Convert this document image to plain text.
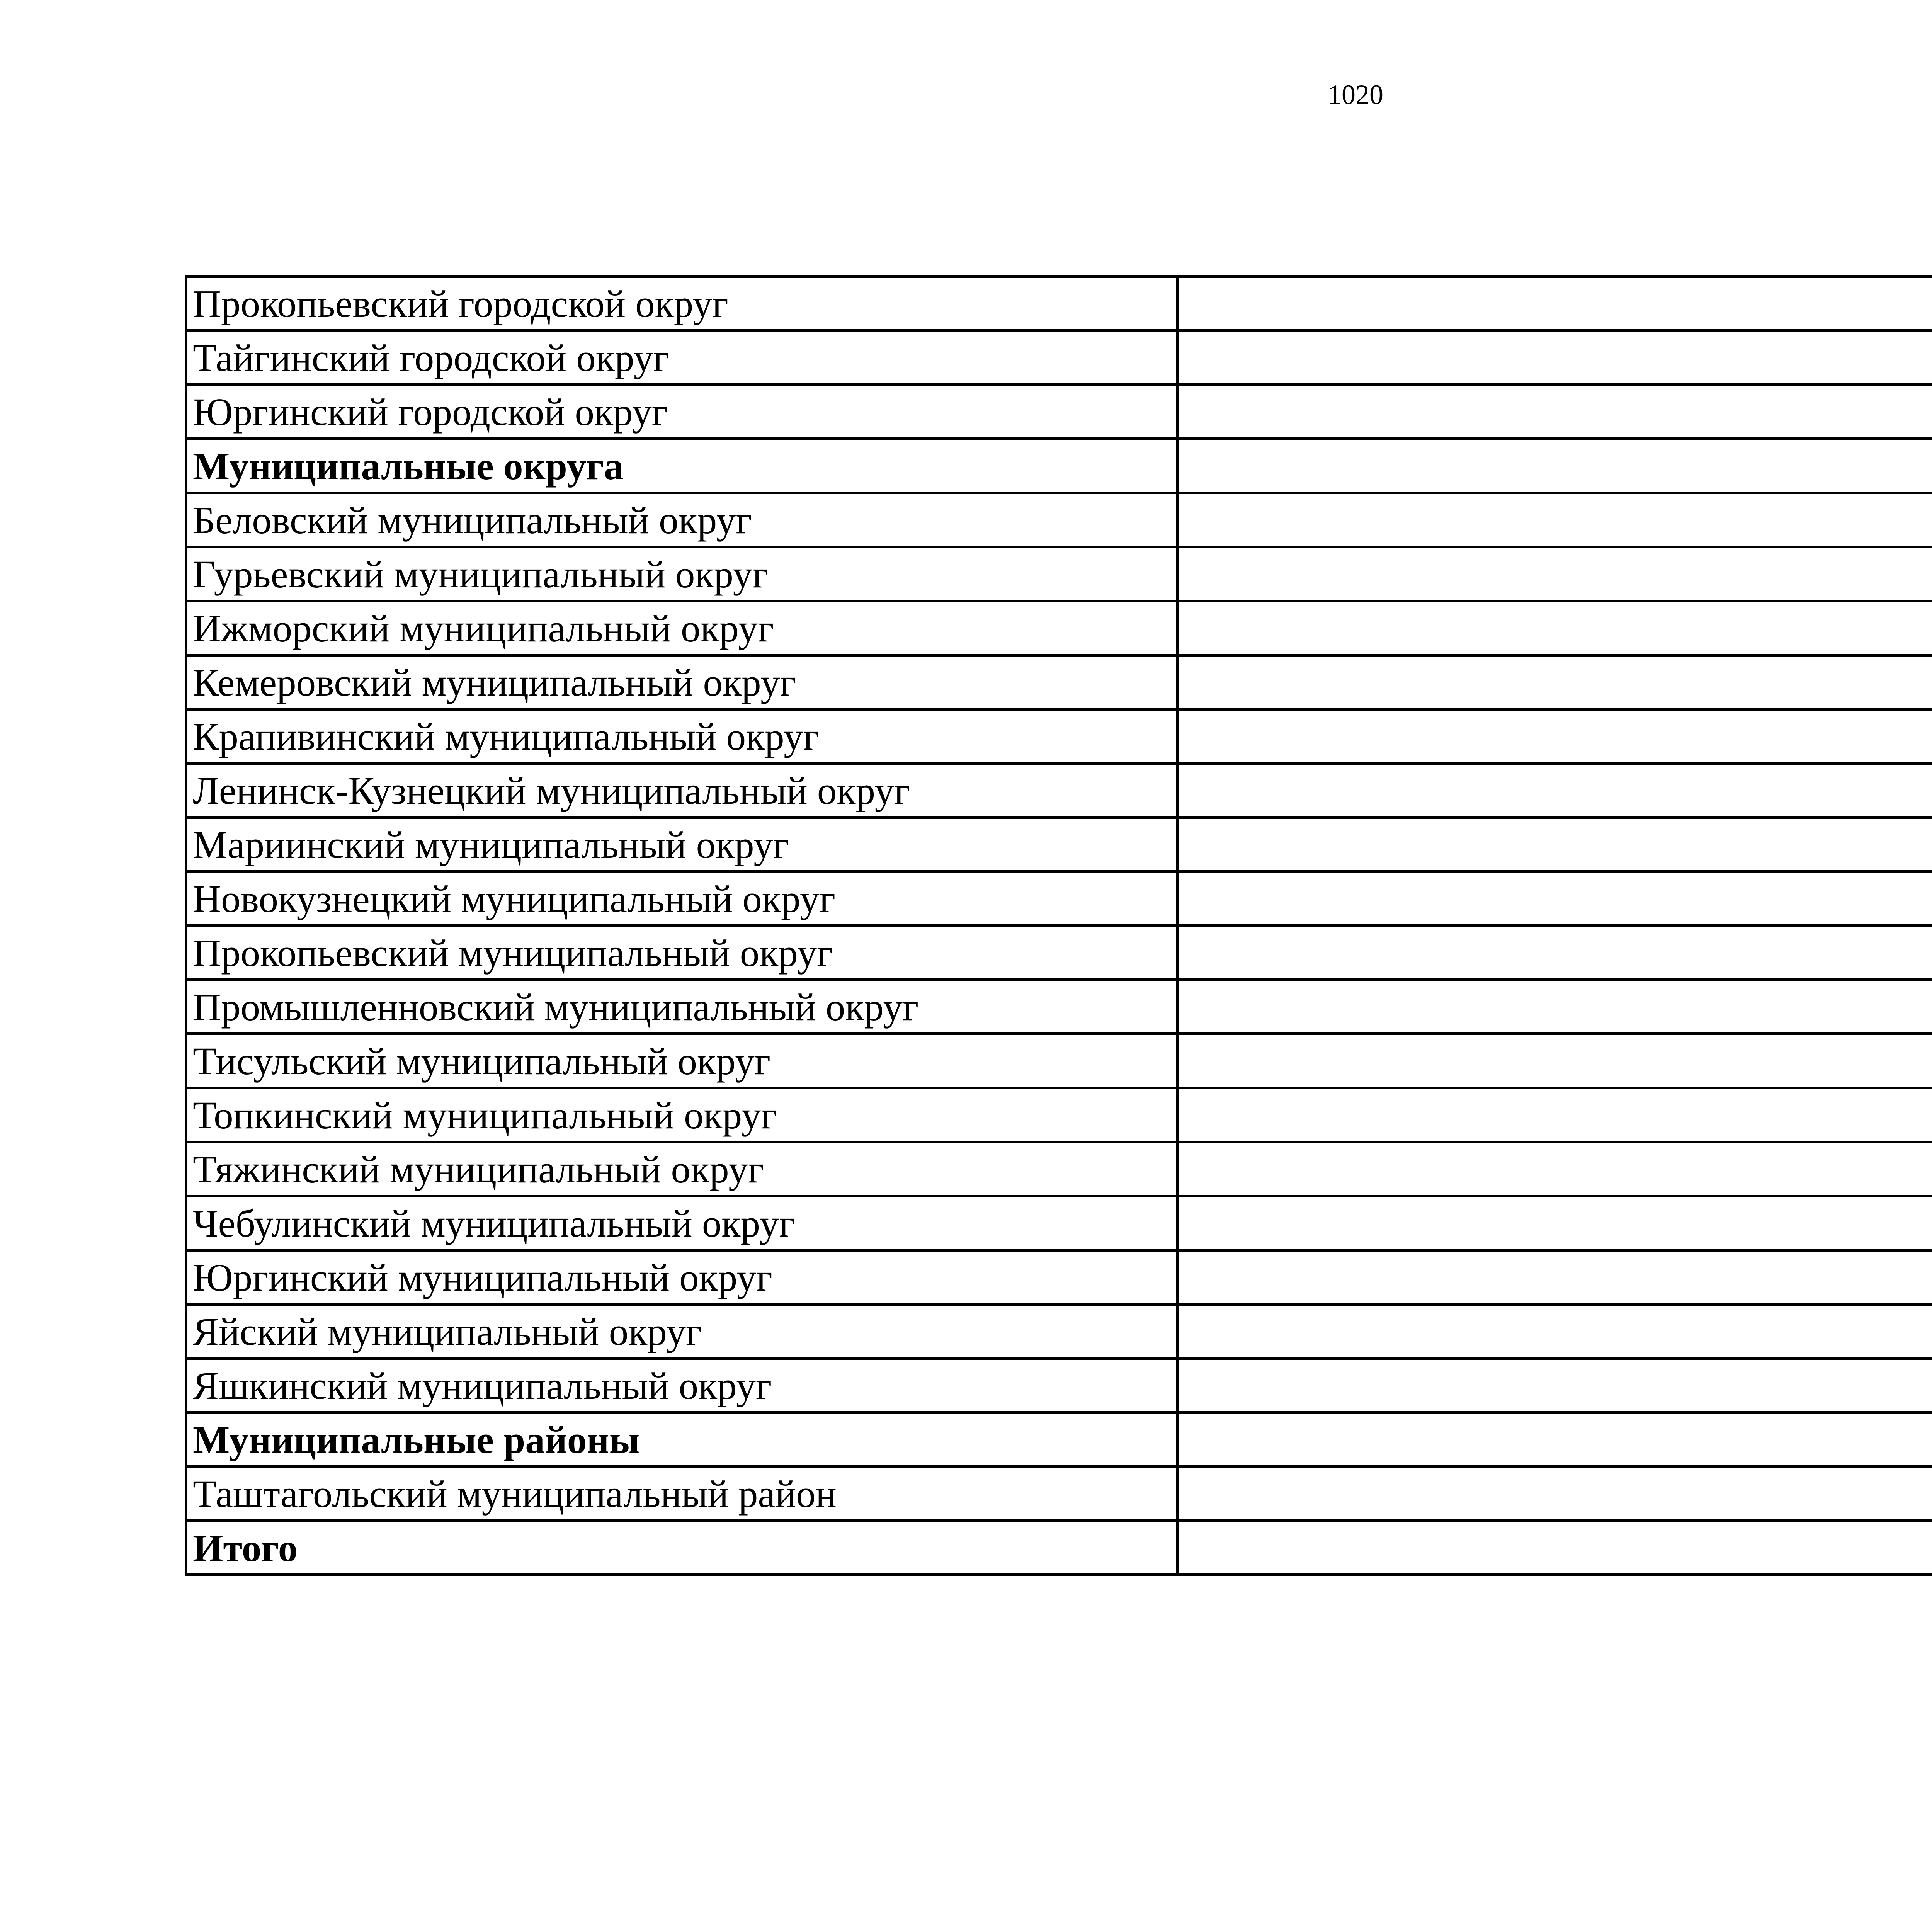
1020
Прокопьевский городской округ	
Тайгинский городской округ	
Юргинский городской округ	
Муниципальные округа	
Беловский муниципальный округ	
Гурьевский муниципальный округ	
Ижморский муниципальный округ	
Кемеровский муниципальный округ	
Крапивинский муниципальный округ	
Ленинск-Кузнецкий муниципальный округ	
Мариинский муниципальный округ	
Новокузнецкий муниципальный округ	
Прокопьевский муниципальный округ	
Промышленновский муниципальный округ	
Тисульский муниципальный округ	
Топкинский муниципальный округ	
Тяжинский муниципальный округ	
Чебулинский муниципальный округ	
Юргинский муниципальный округ	
Яйский муниципальный округ	
Яшкинский муниципальный округ	
Муниципальные районы	
Таштагольский муниципальный район	
Итого	
